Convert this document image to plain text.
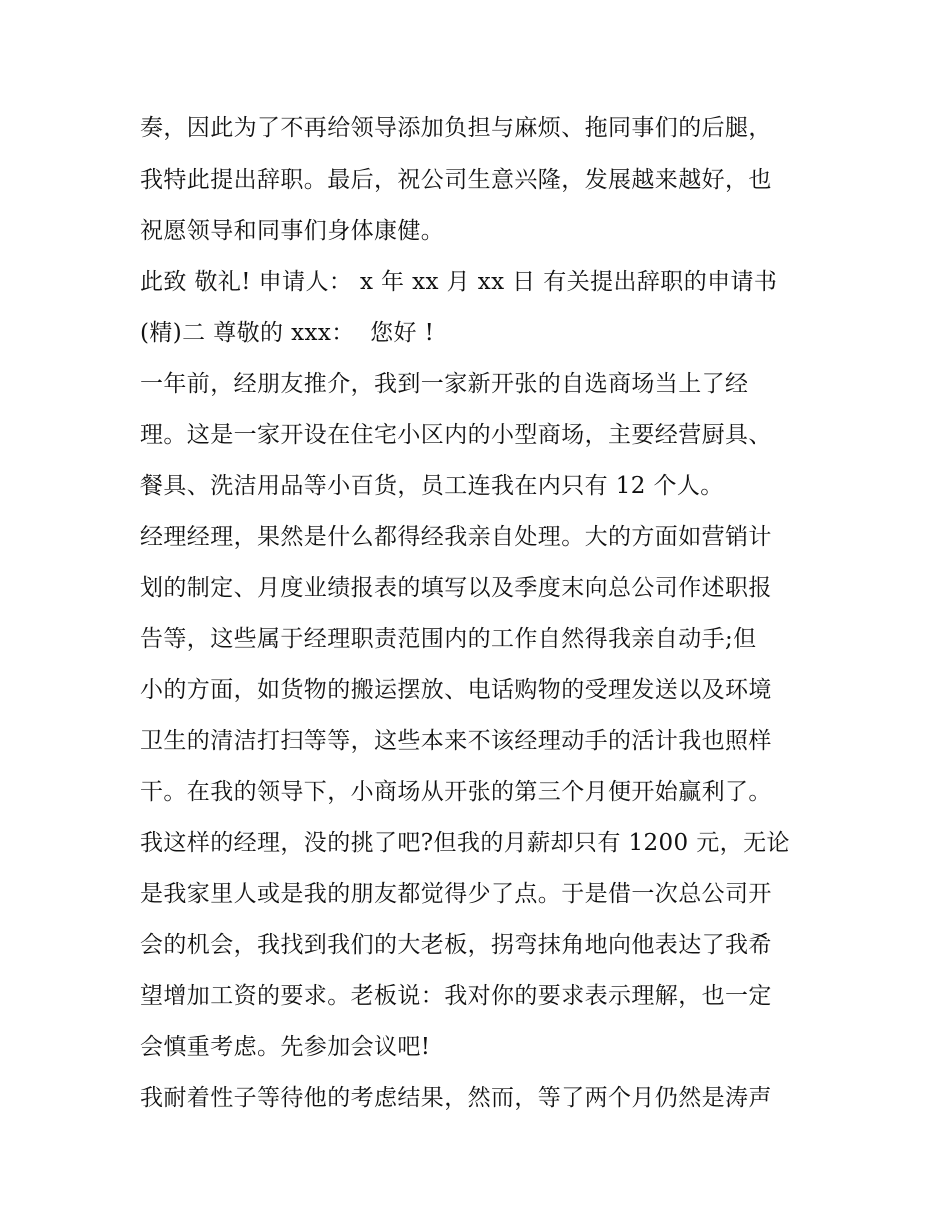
奏，因此为了不再给领导添加负担与麻烦、拖同事们的后腿，
我特此提出辞职。最后，祝公司生意兴隆，发展越来越好，也
祝愿领导和同事们身体康健。
此致 敬礼! 申请人： x 年 xx 月 xx 日 有关提出辞职的申请书
(精)二 尊敬的 xxx：  您好 !
一年前，经朋友推介，我到一家新开张的自选商场当上了经
理。这是一家开设在住宅小区内的小型商场，主要经营厨具、
餐具、洗洁用品等小百货，员工连我在内只有 12 个人。
经理经理，果然是什么都得经我亲自处理。大的方面如营销计
划的制定、月度业绩报表的填写以及季度末向总公司作述职报
告等，这些属于经理职责范围内的工作自然得我亲自动手;但
小的方面，如货物的搬运摆放、电话购物的受理发送以及环境
卫生的清洁打扫等等，这些本来不该经理动手的活计我也照样
干。在我的领导下，小商场从开张的第三个月便开始赢利了。
我这样的经理，没的挑了吧?但我的月薪却只有 1200 元，无论
是我家里人或是我的朋友都觉得少了点。于是借一次总公司开
会的机会，我找到我们的大老板，拐弯抹角地向他表达了我希
望增加工资的要求。老板说：我对你的要求表示理解，也一定
会慎重考虑。先参加会议吧!
我耐着性子等待他的考虑结果，然而，等了两个月仍然是涛声
